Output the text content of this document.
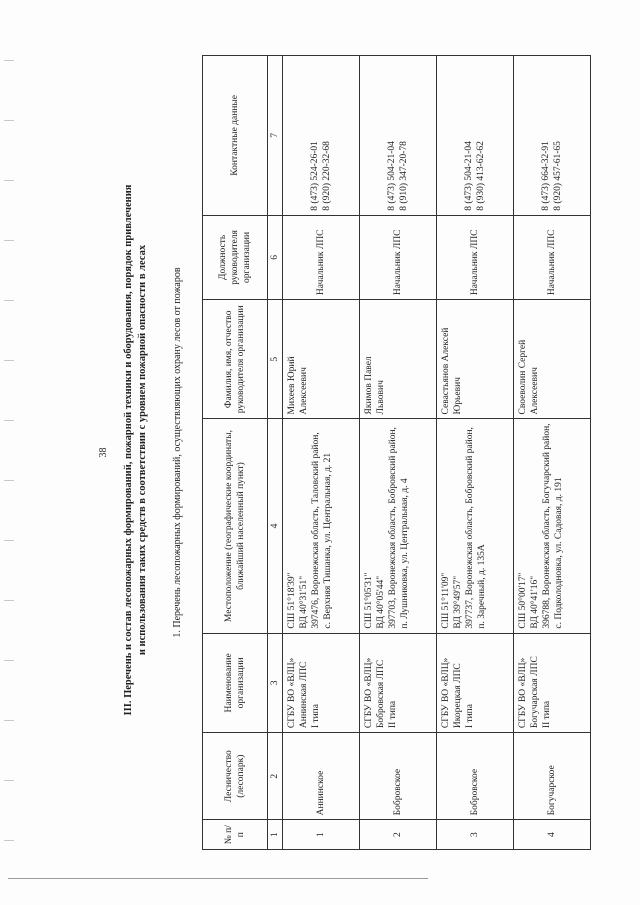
38 III. Перечень и состав лесопожарных формирований, пожарной техники и оборудования, порядок привлечения и использования таких средств в соответствии с уровнем пожарной опасности в лесах 1. Перечень лесопожарных формирований, осуществляющих охрану лесов от пожаров
№ п/п	Лесничество (лесопарк)	Наименование организации	Местоположение (географические координаты, ближайший населенный пункт)	Фамилия, имя, отчество руководителя организации	Должность руководителя организации	Контактные данные
1	2	3	4	5	6	7
1	Аннинское	СГБУ ВО «ВЛЦ» Аннинская ЛПС I типа	СШ 51°18'39" ВД 40°31'51" 397476, Воронежская область, Таловский район, с. Верхняя Тишанка, ул. Центральная, д. 21	Михеев Юрий Алексеевич	Начальник ЛПС	8 (473) 524-26-01 8 (920) 220-32-68

2	Бобровское	СГБУ ВО «ВЛЦ» Бобровская ЛПС II типа	СШ 51°05'31" ВД 40°05'44" 397703, Воронежская область, Бобровский район, п. Лушниковка, ул. Центральная, д. 4	Якимов Павел Львович	Начальник ЛПС	8 (473) 504-21-04 8 (910) 347-20-78

3	Бобровское	СГБУ ВО «ВЛЦ» Икорецкая ЛПС I типа	СШ 51°11'09" ВД 39°49'57" 397737, Воронежская область, Бобровский район, п. Заречный, д. 135А	Севастьянов Алексей Юрьевич	Начальник ЛПС	8 (473) 504-21-04 8 (930) 413-62-62

4	Богучарское	СГБУ ВО «ВЛЦ» Богучарская ЛПС II типа	СШ 50°00'17" ВД 40°41'16" 396788, Воронежская область, Богучарский район, с. Подколодновка, ул. Садовая, д. 191	Своеволин Сергей Алексеевич	Начальник ЛПС	8 (473) 664-32-91 8 (920) 457-61-65
